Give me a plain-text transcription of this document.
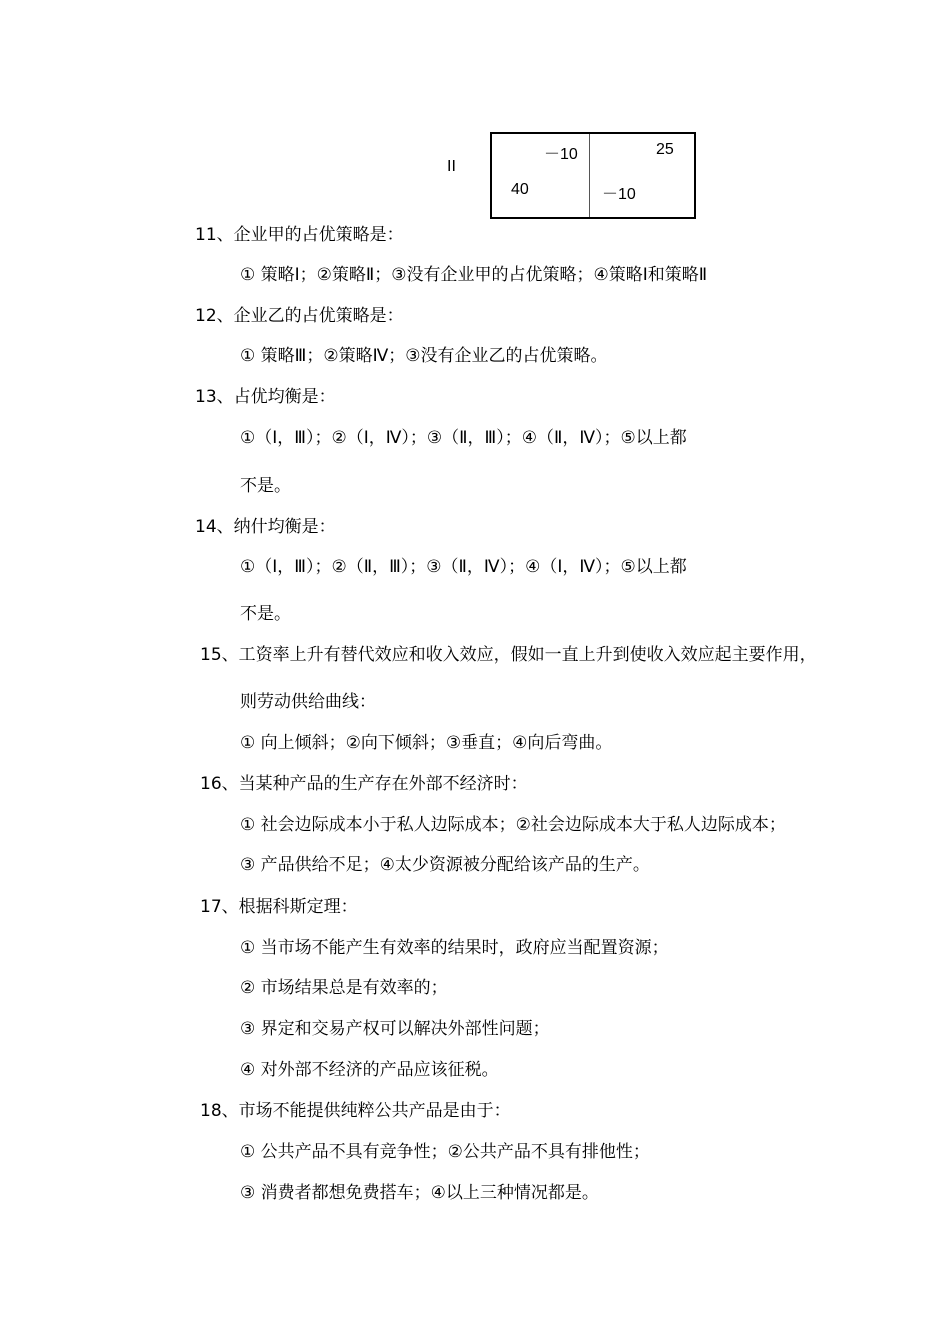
II
－10
40
25
－10
11、企业甲的占优策略是：
① 策略Ⅰ；②策略Ⅱ；③没有企业甲的占优策略；④策略Ⅰ和策略Ⅱ
12、企业乙的占优策略是：
① 策略Ⅲ；②策略Ⅳ；③没有企业乙的占优策略。
13、占优均衡是：
①（Ⅰ，Ⅲ）；②（Ⅰ，Ⅳ）；③（Ⅱ，Ⅲ）；④（Ⅱ，Ⅳ）；⑤以上都
不是。
14、纳什均衡是：
①（Ⅰ，Ⅲ）；②（Ⅱ，Ⅲ）；③（Ⅱ，Ⅳ）；④（Ⅰ，Ⅳ）；⑤以上都
不是。
15、工资率上升有替代效应和收入效应，假如一直上升到使收入效应起主要作用，
则劳动供给曲线：
① 向上倾斜；②向下倾斜；③垂直；④向后弯曲。
16、当某种产品的生产存在外部不经济时：
① 社会边际成本小于私人边际成本；②社会边际成本大于私人边际成本；
③ 产品供给不足；④太少资源被分配给该产品的生产。
17、根据科斯定理：
① 当市场不能产生有效率的结果时，政府应当配置资源；
② 市场结果总是有效率的；
③ 界定和交易产权可以解决外部性问题；
④ 对外部不经济的产品应该征税。
18、市场不能提供纯粹公共产品是由于：
① 公共产品不具有竞争性；②公共产品不具有排他性；
③ 消费者都想免费搭车；④以上三种情况都是。
